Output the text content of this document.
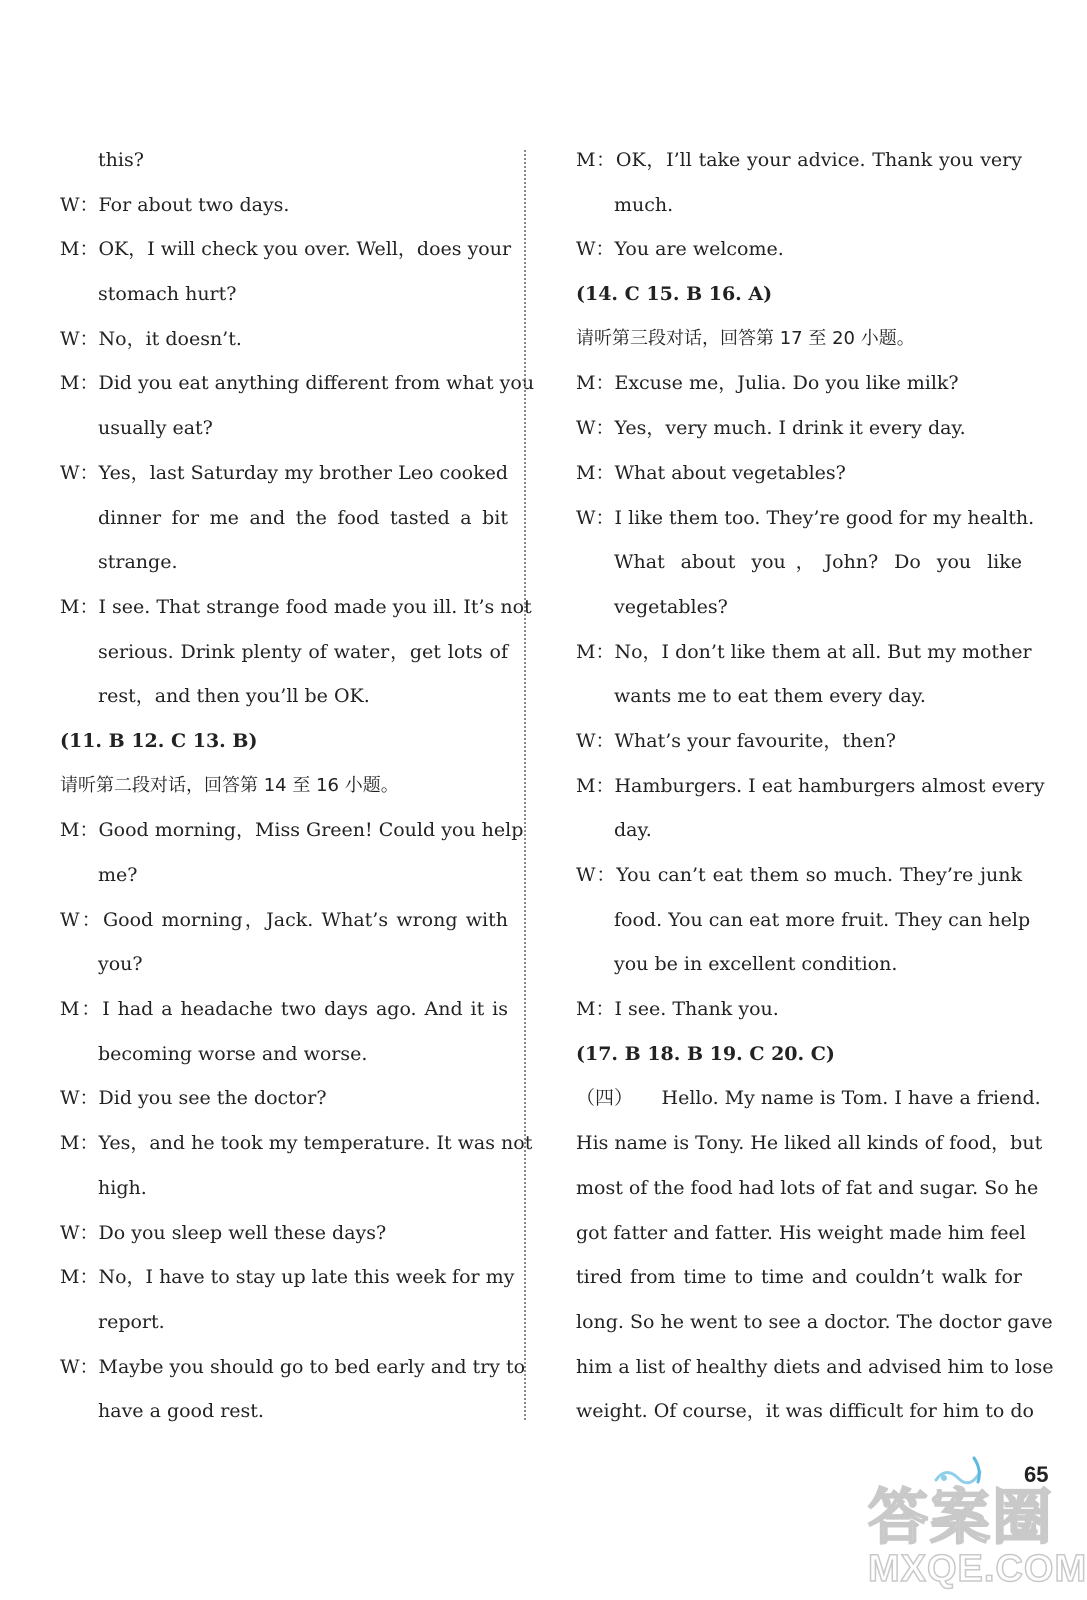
this?
W：For about two days.
M：OK，I will check you over. Well，does your
stomach hurt?
W：No，it doesn’t.
M：Did you eat anything different from what you
usually eat?
W：Yes，last Saturday my brother Leo cooked
dinner for me and the food tasted a bit
strange.
M：I see. That strange food made you ill. It’s not
serious. Drink plenty of water，get lots of
rest，and then you’ll be OK.
(11. B 12. C 13. B)
请听第二段对话，回答第 14 至 16 小题。
M：Good morning，Miss Green! Could you help
me?
W：Good morning，Jack. What’s wrong with
you?
M：I had a headache two days ago. And it is
becoming worse and worse.
W：Did you see the doctor?
M：Yes，and he took my temperature. It was not
high.
W：Do you sleep well these days?
M：No，I have to stay up late this week for my
report.
W：Maybe you should go to bed early and try to
have a good rest.
M：OK，I’ll take your advice. Thank you very
much.
W：You are welcome.
(14. C 15. B 16. A)
请听第三段对话，回答第 17 至 20 小题。
M：Excuse me，Julia. Do you like milk?
W：Yes，very much. I drink it every day.
M：What about vegetables?
W：I like them too. They’re good for my health.
What about you，John? Do you like
vegetables?
M：No，I don’t like them at all. But my mother
wants me to eat them every day.
W：What’s your favourite，then?
M：Hamburgers. I eat hamburgers almost every
day.
W：You can’t eat them so much. They’re junk
food. You can eat more fruit. They can help
you be in excellent condition.
M：I see. Thank you.
(17. B 18. B 19. C 20. C)
（四）　　Hello. My name is Tom. I have a friend.
His name is Tony. He liked all kinds of food，but
most of the food had lots of fat and sugar. So he
got fatter and fatter. His weight made him feel
tired from time to time and couldn’t walk for
long. So he went to see a doctor. The doctor gave
him a list of healthy diets and advised him to lose
weight. Of course，it was difficult for him to do
65
答案圈
MXQE.COM
